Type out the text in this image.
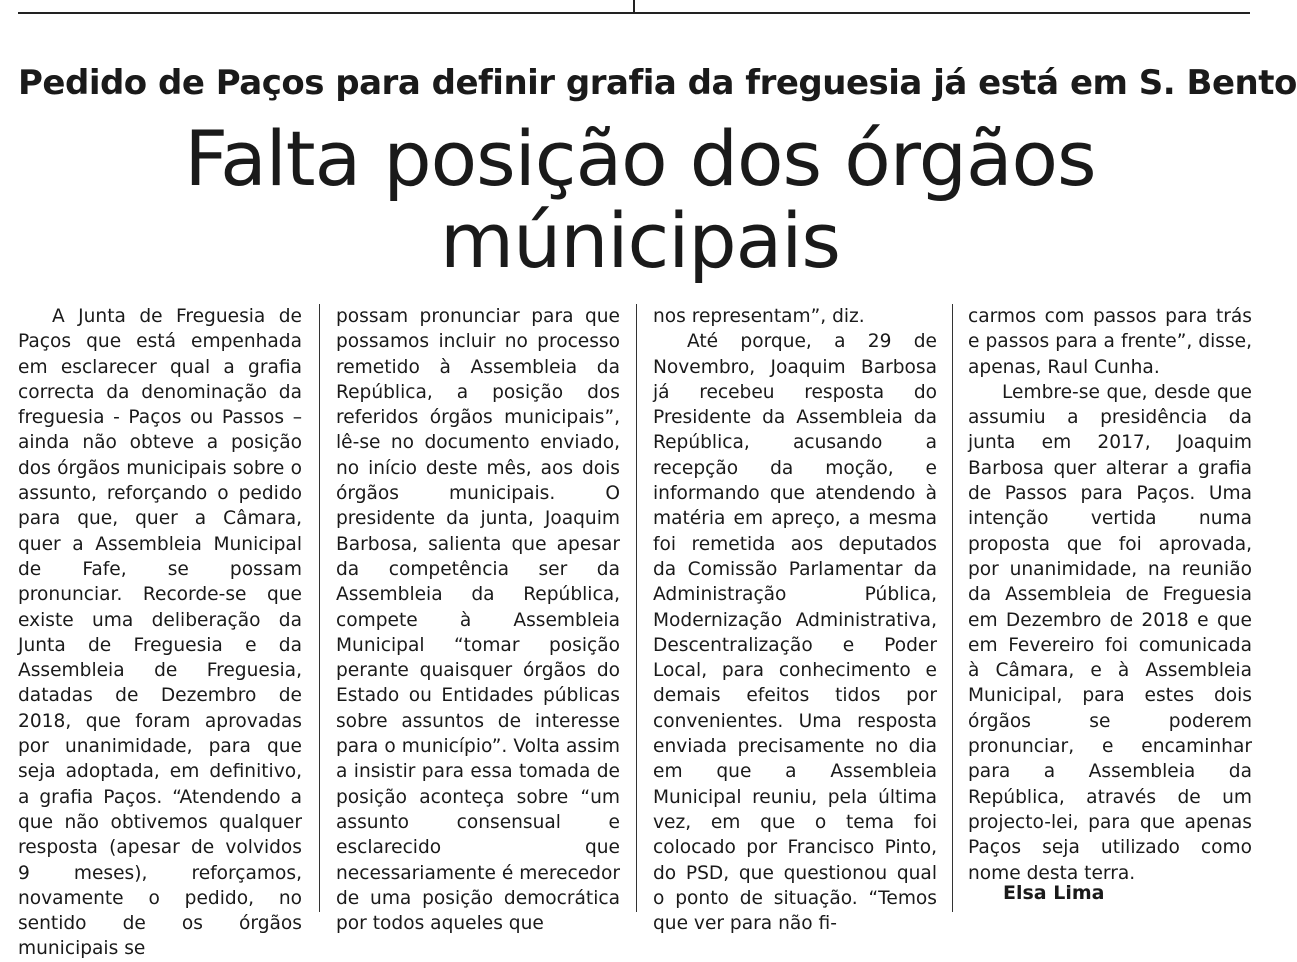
Pedido de Paços para definir grafia da freguesia já está em S. Bento
Falta posição dos órgãos
múnicipais

A Junta de Freguesia de Paços que está empenhada em esclarecer qual a grafia correcta da denominação da freguesia - Paços ou Passos – ainda não obteve a posição dos órgãos municipais sobre o assunto, reforçando o pedido para que, quer a Câmara, quer a Assembleia Municipal de Fafe, se possam pronunciar. Recorde-se que existe uma deliberação da Junta de Freguesia e da Assembleia de Freguesia, datadas de Dezembro de 2018, que foram aprovadas por unanimidade, para que seja adoptada, em definitivo, a grafia Paços. “Atendendo a que não obtivemos qualquer resposta (apesar de volvidos 9 meses), reforçamos, novamente o pedido, no sentido de os órgãos municipais se

possam pronunciar para que possamos incluir no processo remetido à Assembleia da República, a posição dos referidos órgãos municipais”, lê-se no documento enviado, no início deste mês, aos dois órgãos municipais. O presidente da junta, Joaquim Barbosa, salienta que apesar da competência ser da Assembleia da República, compete à Assembleia Municipal “tomar posição perante quaisquer órgãos do Estado ou Entidades públicas sobre assuntos de interesse para o município”. Volta assim a insistir para essa tomada de posição aconteça sobre “um assunto consensual e esclarecido que necessariamente é merecedor de uma posição democrática por todos aqueles que

nos representam”, diz.

Até porque, a 29 de Novembro, Joaquim Barbosa já recebeu resposta do Presidente da Assembleia da República, acusando a recepção da moção, e informando que atendendo à matéria em apreço, a mesma foi remetida aos deputados da Comissão Parlamentar da Administração Pública, Modernização Administrativa, Descentralização e Poder Local, para conhecimento e demais efeitos tidos por convenientes. Uma resposta enviada precisamente no dia em que a Assembleia Municipal reuniu, pela última vez, em que o tema foi colocado por Francisco Pinto, do PSD, que questionou qual o ponto de situação. “Temos que ver para não fi-

carmos com passos para trás e passos para a frente”, disse, apenas, Raul Cunha.

Lembre-se que, desde que assumiu a presidência da junta em 2017, Joaquim Barbosa quer alterar a grafia de Passos para Paços. Uma intenção vertida numa proposta que foi aprovada, por unanimidade, na reunião da Assembleia de Freguesia em Dezembro de 2018 e que em Fevereiro foi comunicada à Câmara, e à Assembleia Municipal, para estes dois órgãos se poderem pronunciar, e encaminhar para a Assembleia da República, através de um projecto-lei, para que apenas Paços seja utilizado como nome desta terra.

Elsa Lima
